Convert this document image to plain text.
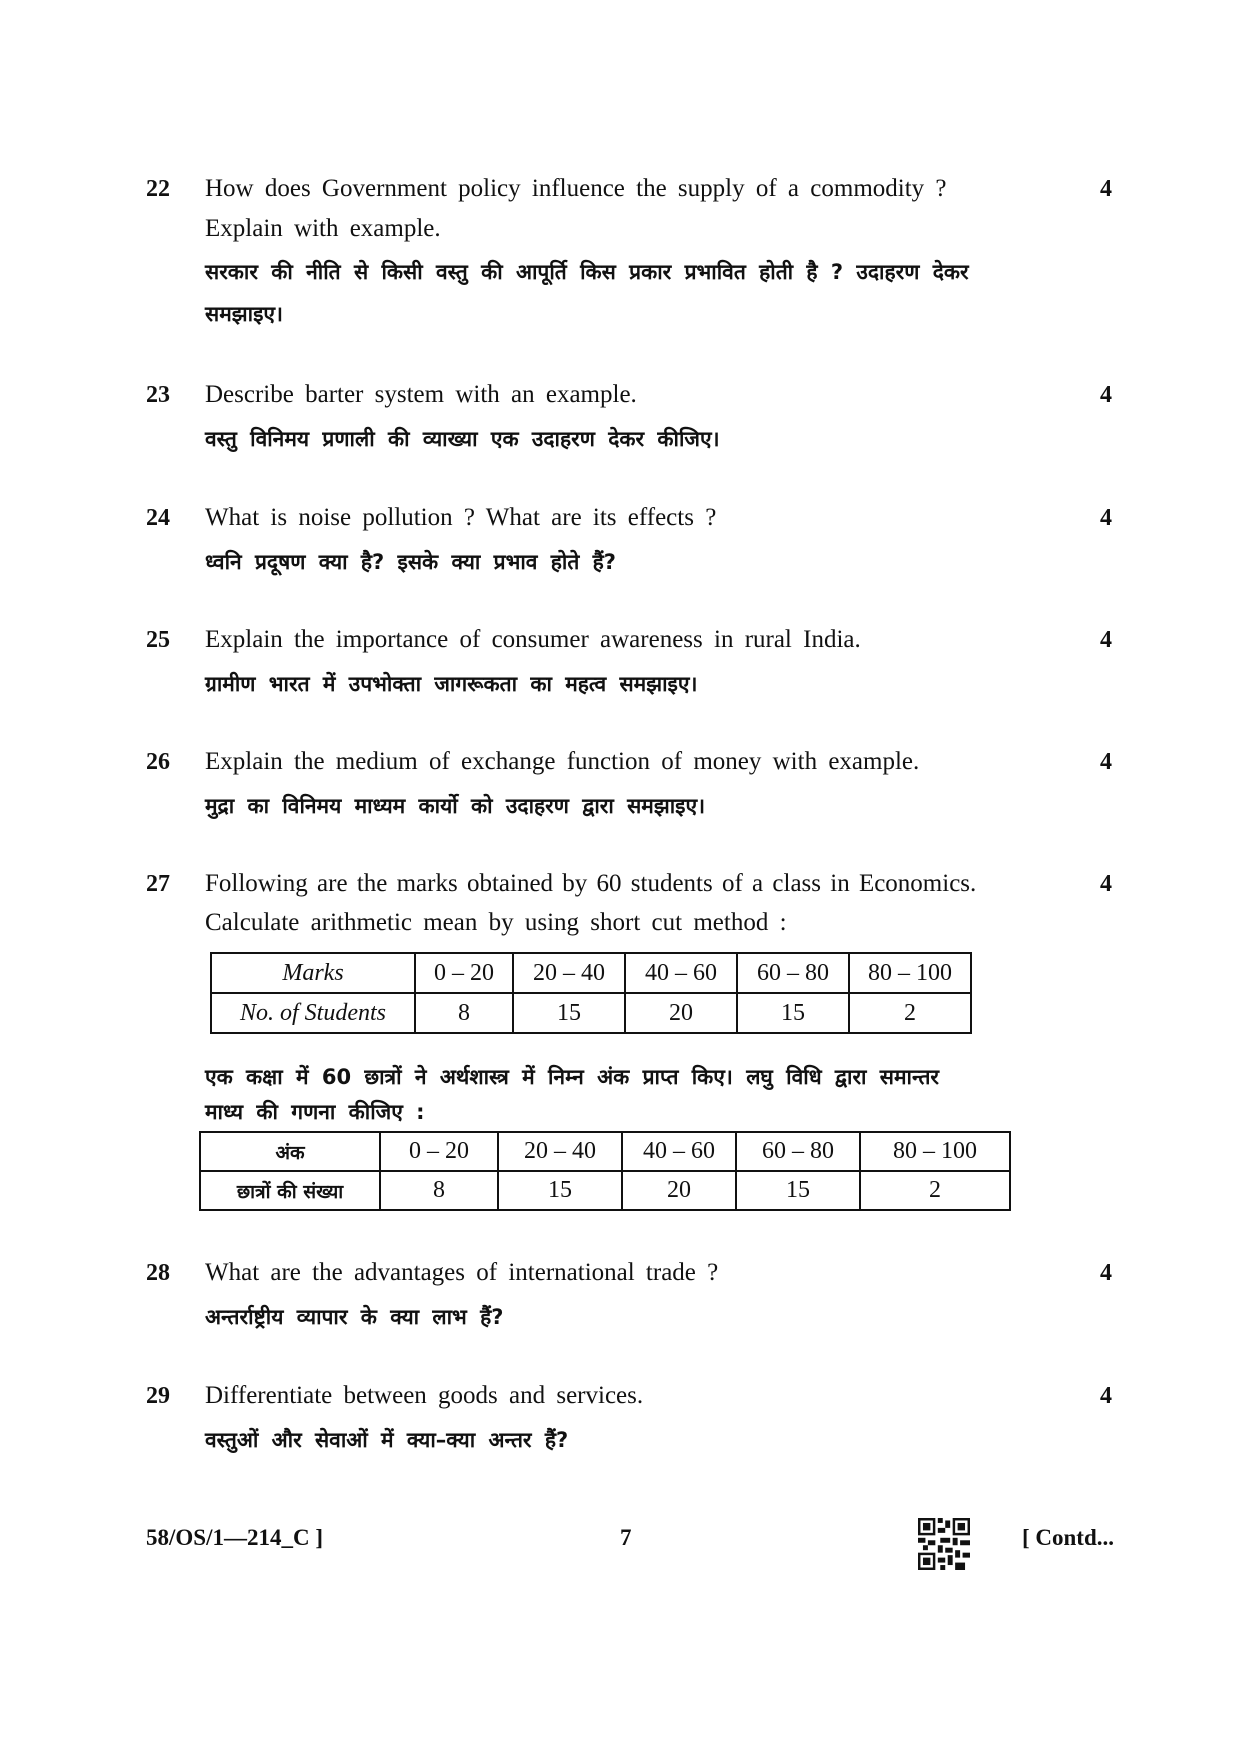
22 How does Government policy influence the supply of a commodity ?	4
Explain with example.
सरकार की नीति से किसी वस्तु की आपूर्ति किस प्रकार प्रभावित होती है ? उदाहरण देकर
समझाइए।
23 Describe barter system with an example.	4
वस्तु विनिमय प्रणाली की व्याख्या एक उदाहरण देकर कीजिए।
24 What is noise pollution ? What are its effects ?	4
ध्वनि प्रदूषण क्या है? इसके क्या प्रभाव होते हैं?
25 Explain the importance of consumer awareness in rural India.	4
ग्रामीण भारत में उपभोक्ता जागरूकता का महत्व समझाइए।
26 Explain the medium of exchange function of money with example.	4
मुद्रा का विनिमय माध्यम कार्यो को उदाहरण द्वारा समझाइए।
27 Following are the marks obtained by 60 students of a class in Economics.	4
Calculate arithmetic mean by using short cut method :
Marks	0 – 20	20 – 40	40 – 60	60 – 80	80 – 100
No. of Students	8	15	20	15	2
एक कक्षा में 60 छात्रों ने अर्थशास्त्र में निम्न अंक प्राप्त किए। लघु विधि द्वारा समान्तर
माध्य की गणना कीजिए :
अंक	0 – 20	20 – 40	40 – 60	60 – 80	80 – 100
छात्रों की संख्या	8	15	20	15	2
28 What are the advantages of international trade ?	4
अन्तर्राष्ट्रीय व्यापार के क्या लाभ हैं?
29 Differentiate between goods and services.	4
वस्तुओं और सेवाओं में क्या–क्या अन्तर हैं?
58/OS/1—214_C ]	7	[ Contd...
